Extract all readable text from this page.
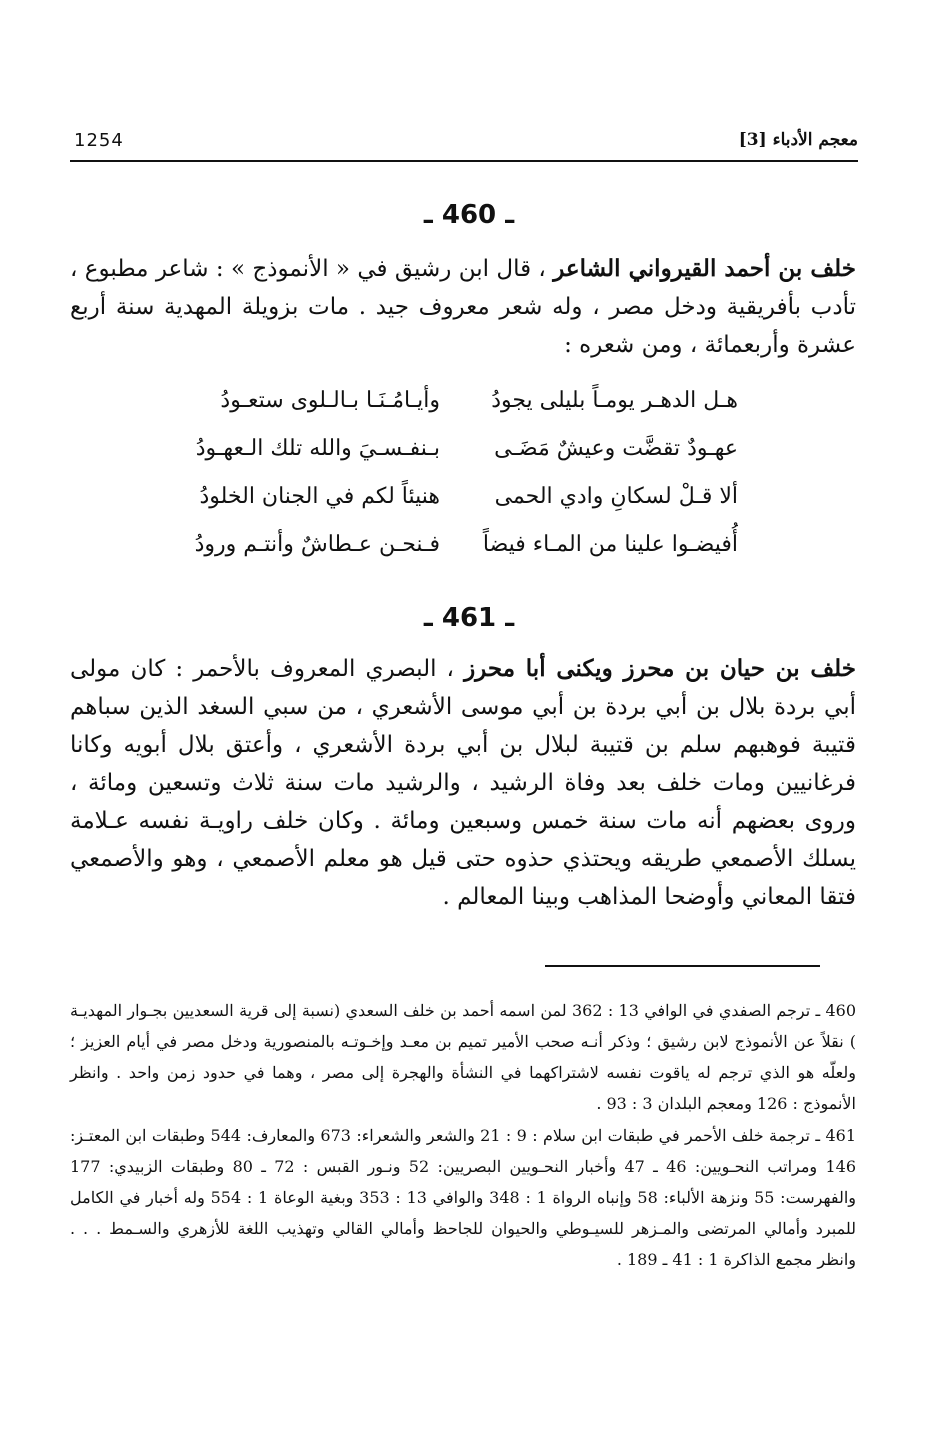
معجم الأدباء [3]
1254
ـ 460 ـ
خلف بن أحمد القيرواني الشاعر ، قال ابن رشيق في « الأنموذج » : شاعر مطبوع ، تأدب بأفريقية ودخل مصر ، وله شعر معروف جيد . مات بزويلة المهدية سنة أربع عشرة وأربعمائة ، ومن شعره :
هـل الدهـر يومـاً بليلى يجودُ
وأيـامُـنَـا بـالـلوى ستعـودُ
عهـودٌ تقضَّت وعيشٌ مَضَـى
بـنفـسـيَ والله تلك الـعهـودُ
ألا قـلْ لسكانِ وادي الحمى
هنيئاً لكم في الجنان الخلودُ
أُفيضـوا علينا من المـاء فيضاً
فـنحـن عـطاشٌ وأنتـم ورودُ
ـ 461 ـ
خلف بن حيان بن محرز ويكنى أبا محرز ، البصري المعروف بالأحمر : كان مولى أبي بردة بلال بن أبي بردة بن أبي موسى الأشعري ، من سبي السغد الذين سباهم قتيبة فوهبهم سلم بن قتيبة لبلال بن أبي بردة الأشعري ، وأعتق بلال أبويه وكانا فرغانيين ومات خلف بعد وفاة الرشيد ، والرشيد مات سنة ثلاث وتسعين ومائة ، وروى بعضهم أنه مات سنة خمس وسبعين ومائة . وكان خلف راويـة نفسه عـلامة يسلك الأصمعي طريقه ويحتذي حذوه حتى قيل هو معلم الأصمعي ، وهو والأصمعي فتقا المعاني وأوضحا المذاهب وبينا المعالم .
460 ـ ترجم الصفدي في الوافي 13 : 362 لمن اسمه أحمد بن خلف السعدي (نسبة إلى قرية السعديين بجـوار المهديـة ) نقلاً عن الأنموذج لابن رشيق ؛ وذكر أنـه صحب الأمير تميم بن معـد وإخـوتـه بالمنصورية ودخل مصر في أيام العزيز ؛ ولعلّه هو الذي ترجم له ياقوت نفسه لاشتراكهما في النشأة والهجرة إلى مصر ، وهما في حدود زمن واحد . وانظر الأنموذج : 126 ومعجم البلدان 3 : 93 .
461 ـ ترجمة خلف الأحمر في طبقات ابن سلام : 9 : 21 والشعر والشعراء: 673 والمعارف: 544 وطبقات ابن المعتـز: 146 ومراتب النحـويين: 46 ـ 47 وأخبار النحـويين البصريين: 52 ونـور القبس : 72 ـ 80 وطبقات الزبيدي: 177 والفهرست: 55 ونزهة الألباء: 58 وإنباه الرواة 1 : 348 والوافي 13 : 353 وبغية الوعاة 1 : 554 وله أخبار في الكامل للمبرد وأمالي المرتضى والمـزهر للسيـوطي والحيوان للجاحظ وأمالي القالي وتهذيب اللغة للأزهري والسـمط . . . وانظر مجمع الذاكرة 1 : 41 ـ 189 .
